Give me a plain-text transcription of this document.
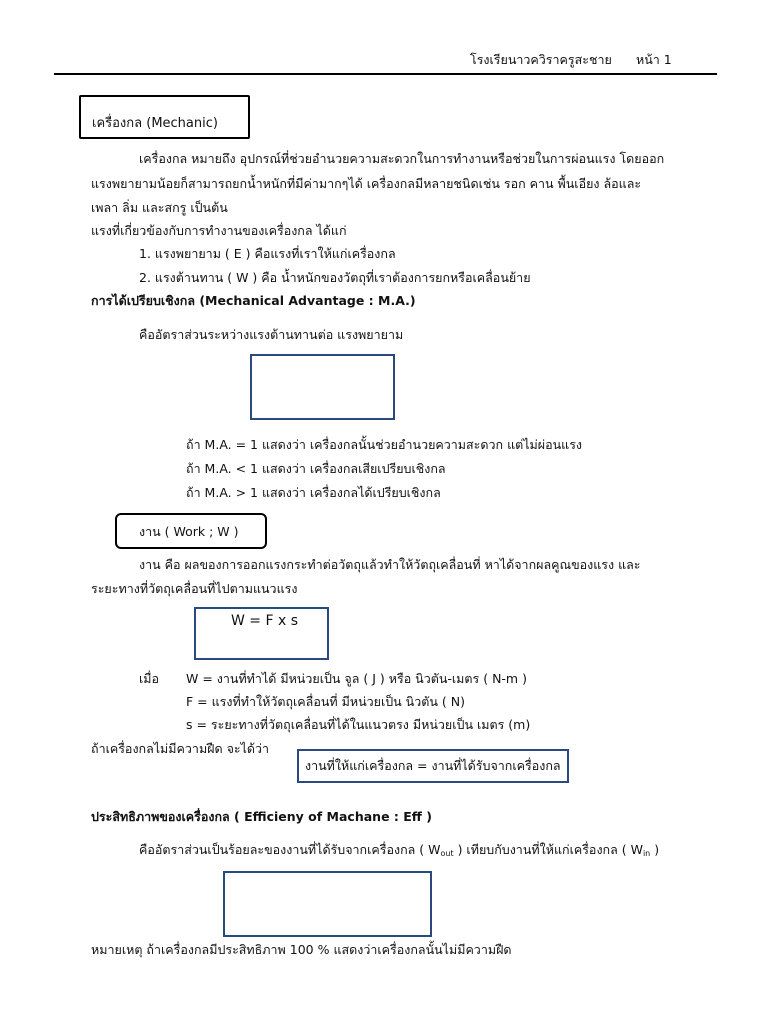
โรงเรียนาวควิราครูสะชาย หน้า 1
เครื่องกล (Mechanic)
เครื่องกล หมายถึง อุปกรณ์ที่ช่วยอำนวยความสะดวกในการทำงานหรือช่วยในการผ่อนแรง โดยออก
แรงพยายามน้อยก็สามารถยกน้ำหนักที่มีค่ามากๆได้ เครื่องกลมีหลายชนิดเช่น รอก คาน พื้นเอียง ล้อและ
เพลา ลิ่ม และสกรู เป็นต้น
แรงที่เกี่ยวข้องกับการทำงานของเครื่องกล ได้แก่
1. แรงพยายาม ( E ) คือแรงที่เราให้แก่เครื่องกล
2. แรงต้านทาน ( W ) คือ น้ำหนักของวัตถุที่เราต้องการยกหรือเคลื่อนย้าย
การได้เปรียบเชิงกล (Mechanical Advantage : M.A.)
คืออัตราส่วนระหว่างแรงต้านทานต่อ แรงพยายาม
ถ้า M.A. = 1 แสดงว่า เครื่องกลนั้นช่วยอำนวยความสะดวก แต่ไม่ผ่อนแรง
ถ้า M.A. < 1 แสดงว่า เครื่องกลเสียเปรียบเชิงกล
ถ้า M.A. > 1 แสดงว่า เครื่องกลได้เปรียบเชิงกล
งาน ( Work ; W )
งาน คือ ผลของการออกแรงกระทำต่อวัตถุแล้วทำให้วัตถุเคลื่อนที่ หาได้จากผลคูณของแรง และ
ระยะทางที่วัตถุเคลื่อนที่ไปตามแนวแรง
W = F x s
เมื่อ W = งานที่ทำได้ มีหน่วยเป็น จูล ( J ) หรือ นิวตัน-เมตร ( N-m )
F = แรงที่ทำให้วัตถุเคลื่อนที่ มีหน่วยเป็น นิวตัน ( N)
s = ระยะทางที่วัตถุเคลื่อนที่ได้ในแนวตรง มีหน่วยเป็น เมตร (m)
ถ้าเครื่องกลไม่มีความฝืด จะได้ว่า
งานที่ให้แก่เครื่องกล = งานที่ได้รับจากเครื่องกล
ประสิทธิภาพของเครื่องกล ( Efficieny of Machane : Eff )
คืออัตราส่วนเป็นร้อยละของงานที่ได้รับจากเครื่องกล ( $W_{out}$ ) เทียบกับงานที่ให้แก่เครื่องกล ( $W_{in}$ )
หมายเหตุ ถ้าเครื่องกลมีประสิทธิภาพ 100 % แสดงว่าเครื่องกลนั้นไม่มีความฝืด
